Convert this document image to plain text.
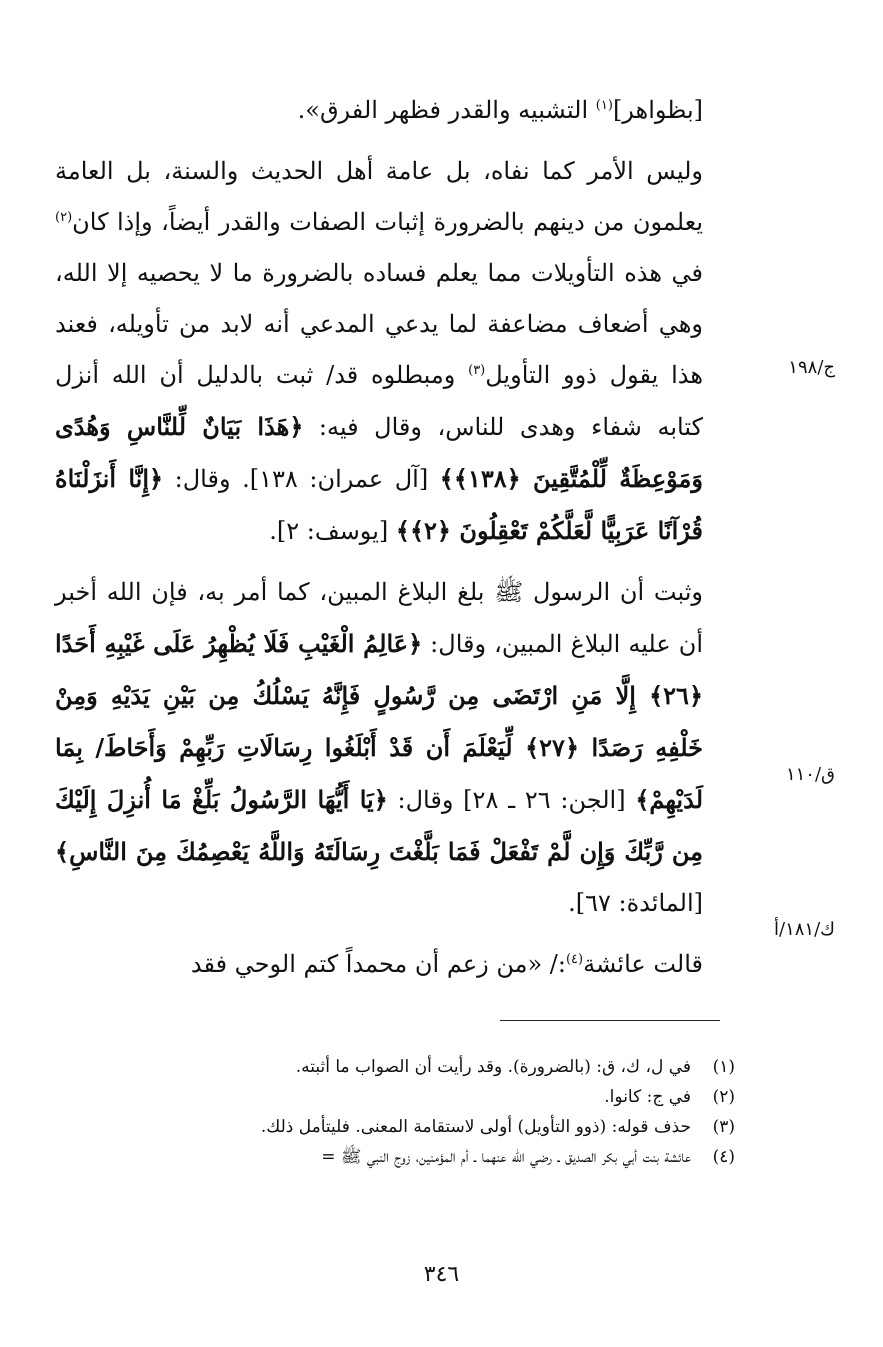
[بظواهر]$^{(١)}$ التشبيه والقدر فظهر الفرق».

وليس الأمر كما نفاه، بل عامة أهل الحديث والسنة، بل العامة يعلمون من دينهم بالضرورة إثبات الصفات والقدر أيضاً، وإذا كان$^{(٢)}$ في هذه التأويلات مما يعلم فساده بالضرورة ما لا يحصيه إلا الله، وهي أضعاف مضاعفة لما يدعي المدعي أنه لابد من تأويله، فعند هذا يقول ذوو التأويل$^{(٣)}$ ومبطلوه قد/ ثبت بالدليل أن الله أنزل كتابه شفاء وهدى للناس، وقال فيه: ﴿هَذَا بَيَانٌ لِّلنَّاسِ وَهُدًى وَمَوْعِظَةٌ لِّلْمُتَّقِينَ ﴿١٣٨﴾﴾ [آل عمران: ١٣٨]. وقال: ﴿إِنَّا أَنزَلْنَاهُ قُرْآنًا عَرَبِيًّا لَّعَلَّكُمْ تَعْقِلُونَ ﴿٢﴾﴾ [يوسف: ٢].

وثبت أن الرسول ﷺ بلغ البلاغ المبين، كما أمر به، فإن الله أخبر أن عليه البلاغ المبين، وقال: ﴿عَالِمُ الْغَيْبِ فَلَا يُظْهِرُ عَلَى غَيْبِهِ أَحَدًا ﴿٢٦﴾ إِلَّا مَنِ ارْتَضَى مِن رَّسُولٍ فَإِنَّهُ يَسْلُكُ مِن بَيْنِ يَدَيْهِ وَمِنْ خَلْفِهِ رَصَدًا ﴿٢٧﴾ لِّيَعْلَمَ أَن قَدْ أَبْلَغُوا رِسَالَاتِ رَبِّهِمْ وَأَحَاطَ/ بِمَا لَدَيْهِمْ﴾ [الجن: ٢٦ ـ ٢٨] وقال: ﴿يَا أَيُّهَا الرَّسُولُ بَلِّغْ مَا أُنزِلَ إِلَيْكَ مِن رَّبِّكَ وَإِن لَّمْ تَفْعَلْ فَمَا بَلَّغْتَ رِسَالَتَهُ وَاللَّهُ يَعْصِمُكَ مِنَ النَّاسِ﴾ [المائدة: ٦٧].

قالت عائشة$^{(٤)}$:/ «من زعم أن محمداً كتم الوحي فقد

ج/١٩٨
ق/١١٠
ك/١٨١/أ
(١)
في ل، ك، ق: (بالضرورة). وقد رأيت أن الصواب ما أثبته.
(٢)
في ج: كانوا.
(٣)
حذف قوله: (ذوو التأويل) أولى لاستقامة المعنى. فليتأمل ذلك.
(٤)
عائشة بنت أبي بكر الصديق ـ رضي الله عنهما ـ أم المؤمنين، زوج النبي ﷺ =
٣٤٦
